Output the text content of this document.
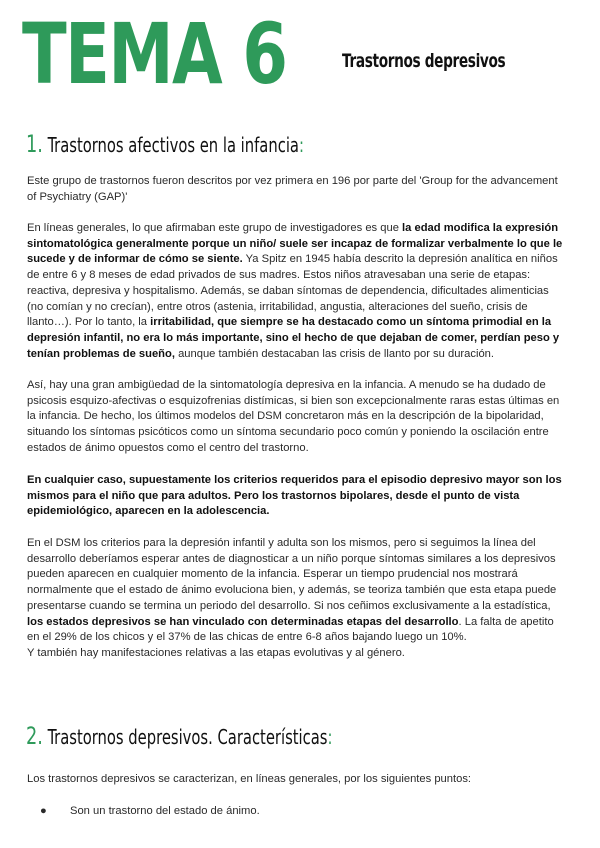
TEMA 6	Trastornos depresivos
1. Trastornos afectivos en la infancia:

Este grupo de trastornos fueron descritos por vez primera en 196 por parte del 'Group for the advancement of Psychiatry (GAP)'

En líneas generales, lo que afirmaban este grupo de investigadores es que la edad modifica la expresión sintomatológica generalmente porque un niño/ suele ser incapaz de formalizar verbalmente lo que le sucede y de informar de cómo se siente. Ya Spitz en 1945 había descrito la depresión analítica en niños de entre 6 y 8 meses de edad privados de sus madres. Estos niños atravesaban una serie de etapas: reactiva, depresiva y hospitalismo. Además, se daban síntomas de dependencia, dificultades alimenticias (no comían y no crecían), entre otros (astenia, irritabilidad, angustia, alteraciones del sueño, crisis de llanto…). Por lo tanto, la irritabilidad, que siempre se ha destacado como un síntoma primodial en la depresión infantil, no era lo más importante, sino el hecho de que dejaban de comer, perdían peso y tenían problemas de sueño, aunque también destacaban las crisis de llanto por su duración.

Así, hay una gran ambigüedad de la sintomatología depresiva en la infancia. A menudo se ha dudado de psicosis esquizo-afectivas o esquizofrenias distímicas, si bien son excepcionalmente raras estas últimas en la infancia. De hecho, los últimos modelos del DSM concretaron más en la descripción de la bipolaridad, situando los síntomas psicóticos como un síntoma secundario poco común y poniendo la oscilación entre estados de ánimo opuestos como el centro del trastorno.

En cualquier caso, supuestamente los criterios requeridos para el episodio depresivo mayor son los mismos para el niño que para adultos. Pero los trastornos bipolares, desde el punto de vista epidemiológico, aparecen en la adolescencia.

En el DSM los criterios para la depresión infantil y adulta son los mismos, pero si seguimos la línea del desarrollo deberíamos esperar antes de diagnosticar a un niño porque síntomas similares a los depresivos pueden aparecen en cualquier momento de la infancia. Esperar un tiempo prudencial nos mostrará normalmente que el estado de ánimo evoluciona bien, y además, se teoriza también que esta etapa puede presentarse cuando se termina un periodo del desarrollo. Si nos ceñimos exclusivamente a la estadística, los estados depresivos se han vinculado con determinadas etapas del desarrollo. La falta de apetito en el 29% de los chicos y el 37% de las chicas de entre 6-8 años bajando luego un 10%.
Y también hay manifestaciones relativas a las etapas evolutivas y al género.

2. Trastornos depresivos. Características:

Los trastornos depresivos se caracterizan, en líneas generales, por los siguientes puntos:

● Son un trastorno del estado de ánimo.
